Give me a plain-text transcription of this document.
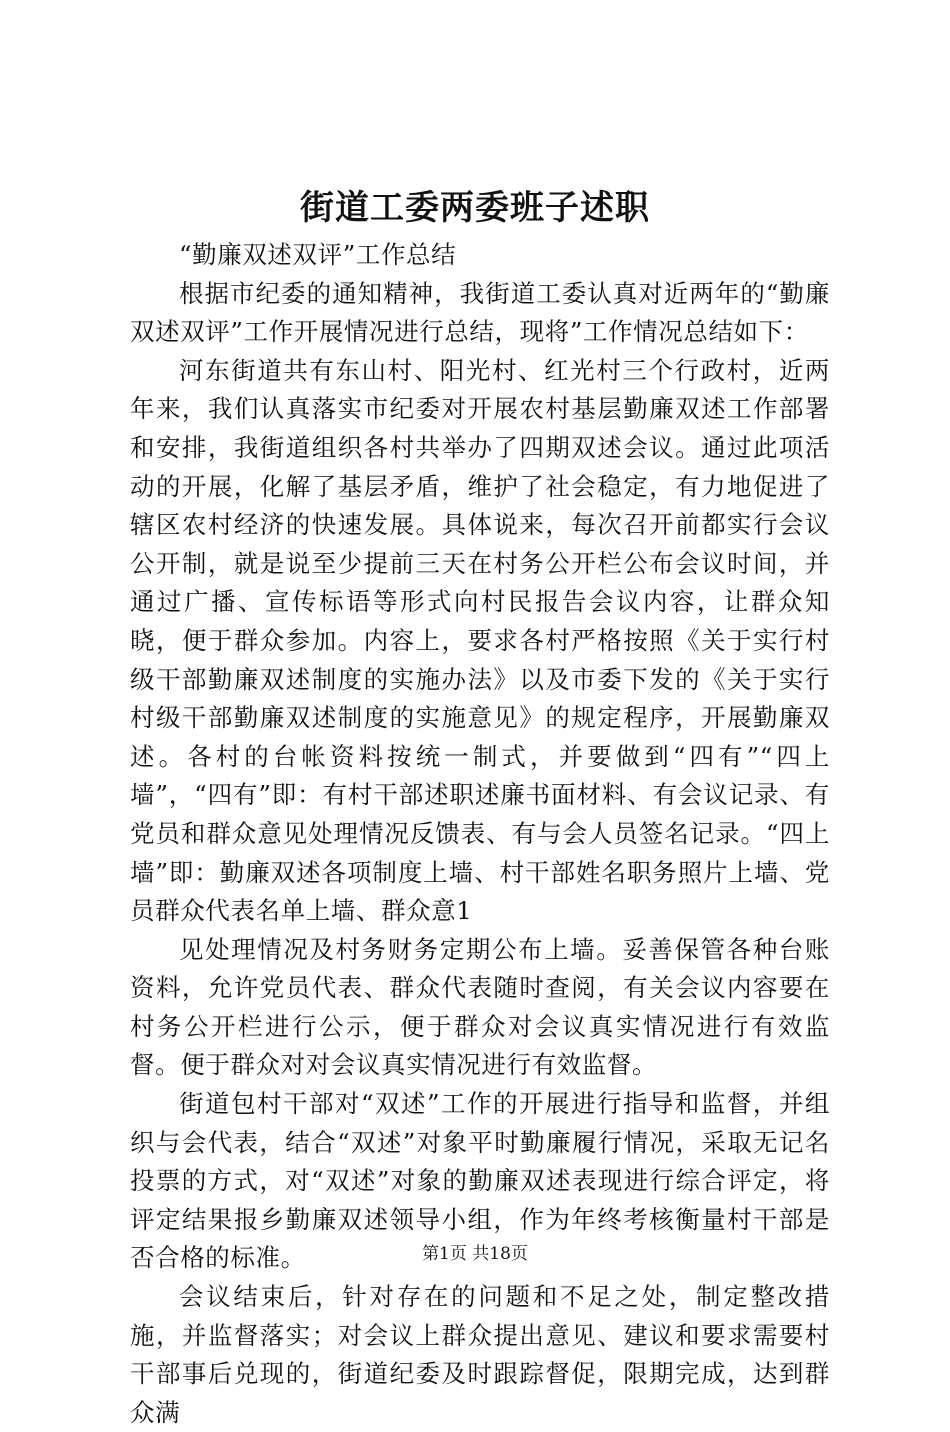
街道工委两委班子述职

“勤廉双述双评”工作总结

根据市纪委的通知精神，我街道工委认真对近两年的“勤廉双述双评”工作开展情况进行总结，现将”工作情况总结如下：

河东街道共有东山村、阳光村、红光村三个行政村，近两年来，我们认真落实市纪委对开展农村基层勤廉双述工作部署和安排，我街道组织各村共举办了四期双述会议。通过此项活动的开展，化解了基层矛盾，维护了社会稳定，有力地促进了辖区农村经济的快速发展。具体说来，每次召开前都实行会议公开制，就是说至少提前三天在村务公开栏公布会议时间，并通过广播、宣传标语等形式向村民报告会议内容，让群众知晓，便于群众参加。内容上，要求各村严格按照《关于实行村级干部勤廉双述制度的实施办法》以及市委下发的《关于实行村级干部勤廉双述制度的实施意见》的规定程序，开展勤廉双述。各村的台帐资料按统一制式，并要做到“四有”“四上墙”，“四有”即：有村干部述职述廉书面材料、有会议记录、有党员和群众意见处理情况反馈表、有与会人员签名记录。“四上墙”即：勤廉双述各项制度上墙、村干部姓名职务照片上墙、党员群众代表名单上墙、群众意1

见处理情况及村务财务定期公布上墙。妥善保管各种台账资料，允许党员代表、群众代表随时查阅，有关会议内容要在村务公开栏进行公示，便于群众对会议真实情况进行有效监督。便于群众对对会议真实情况进行有效监督。

街道包村干部对“双述”工作的开展进行指导和监督，并组织与会代表，结合“双述”对象平时勤廉履行情况，采取无记名投票的方式，对“双述”对象的勤廉双述表现进行综合评定，将评定结果报乡勤廉双述领导小组，作为年终考核衡量村干部是否合格的标准。

会议结束后，针对存在的问题和不足之处，制定整改措施，并监督落实；对会议上群众提出意见、建议和要求需要村干部事后兑现的，街道纪委及时跟踪督促，限期完成，达到群众满

第1页 共18页
